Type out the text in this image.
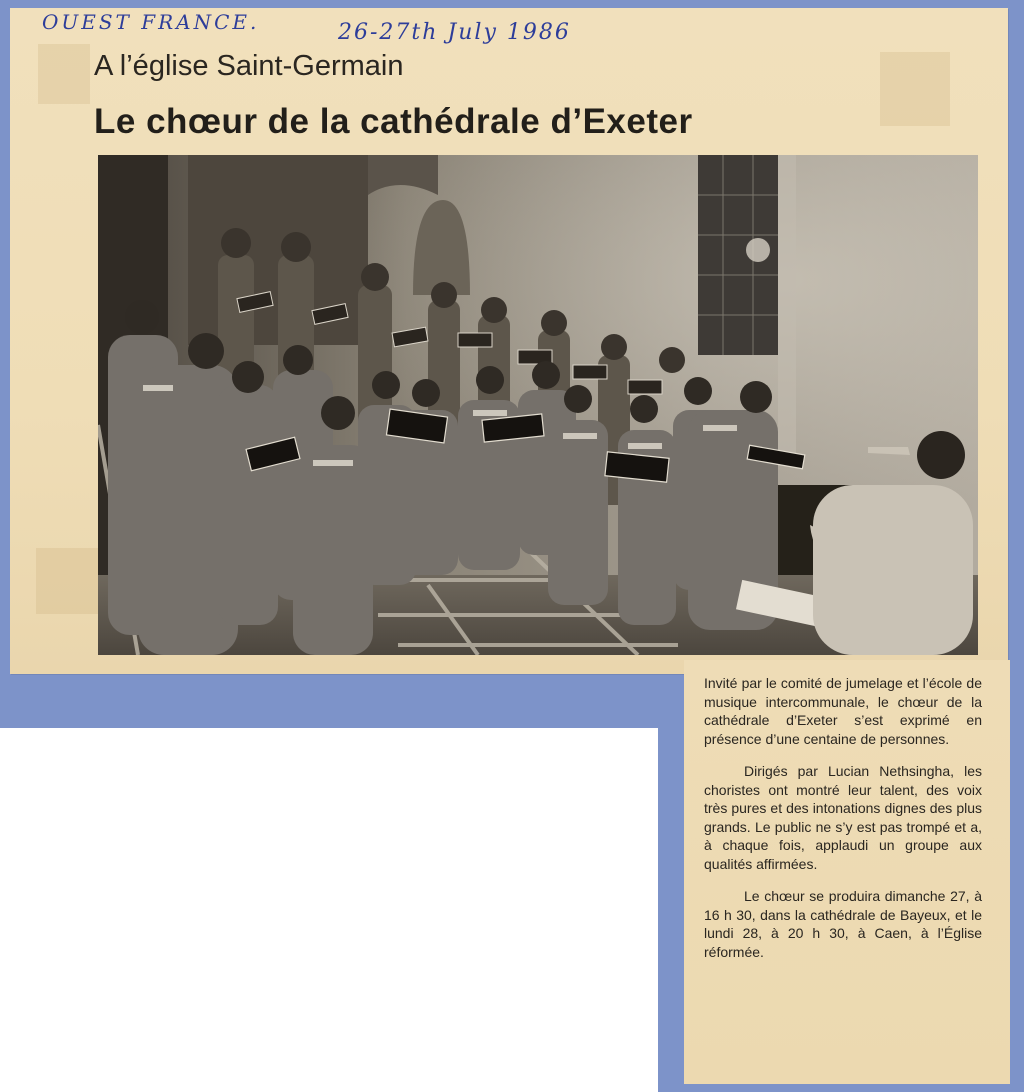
OUEST FRANCE.	26-27th July 1986
A l’église Saint-Germain
Le chœur de la cathédrale d’Exeter

Invité par le comité de jumelage et l’école de musique intercommunale, le chœur de la cathédrale d’Exeter s’est exprimé en présence d’une centaine de personnes.

Dirigés par Lucian Nethsingha, les choristes ont montré leur talent, des voix très pures et des intonations dignes des plus grands. Le public ne s’y est pas trompé et a, à chaque fois, applaudi un groupe aux qualités affirmées.

Le chœur se produira dimanche 27, à 16 h 30, dans la cathédrale de Bayeux, et le lundi 28, à 20 h 30, à Caen, à l’Église réformée.
